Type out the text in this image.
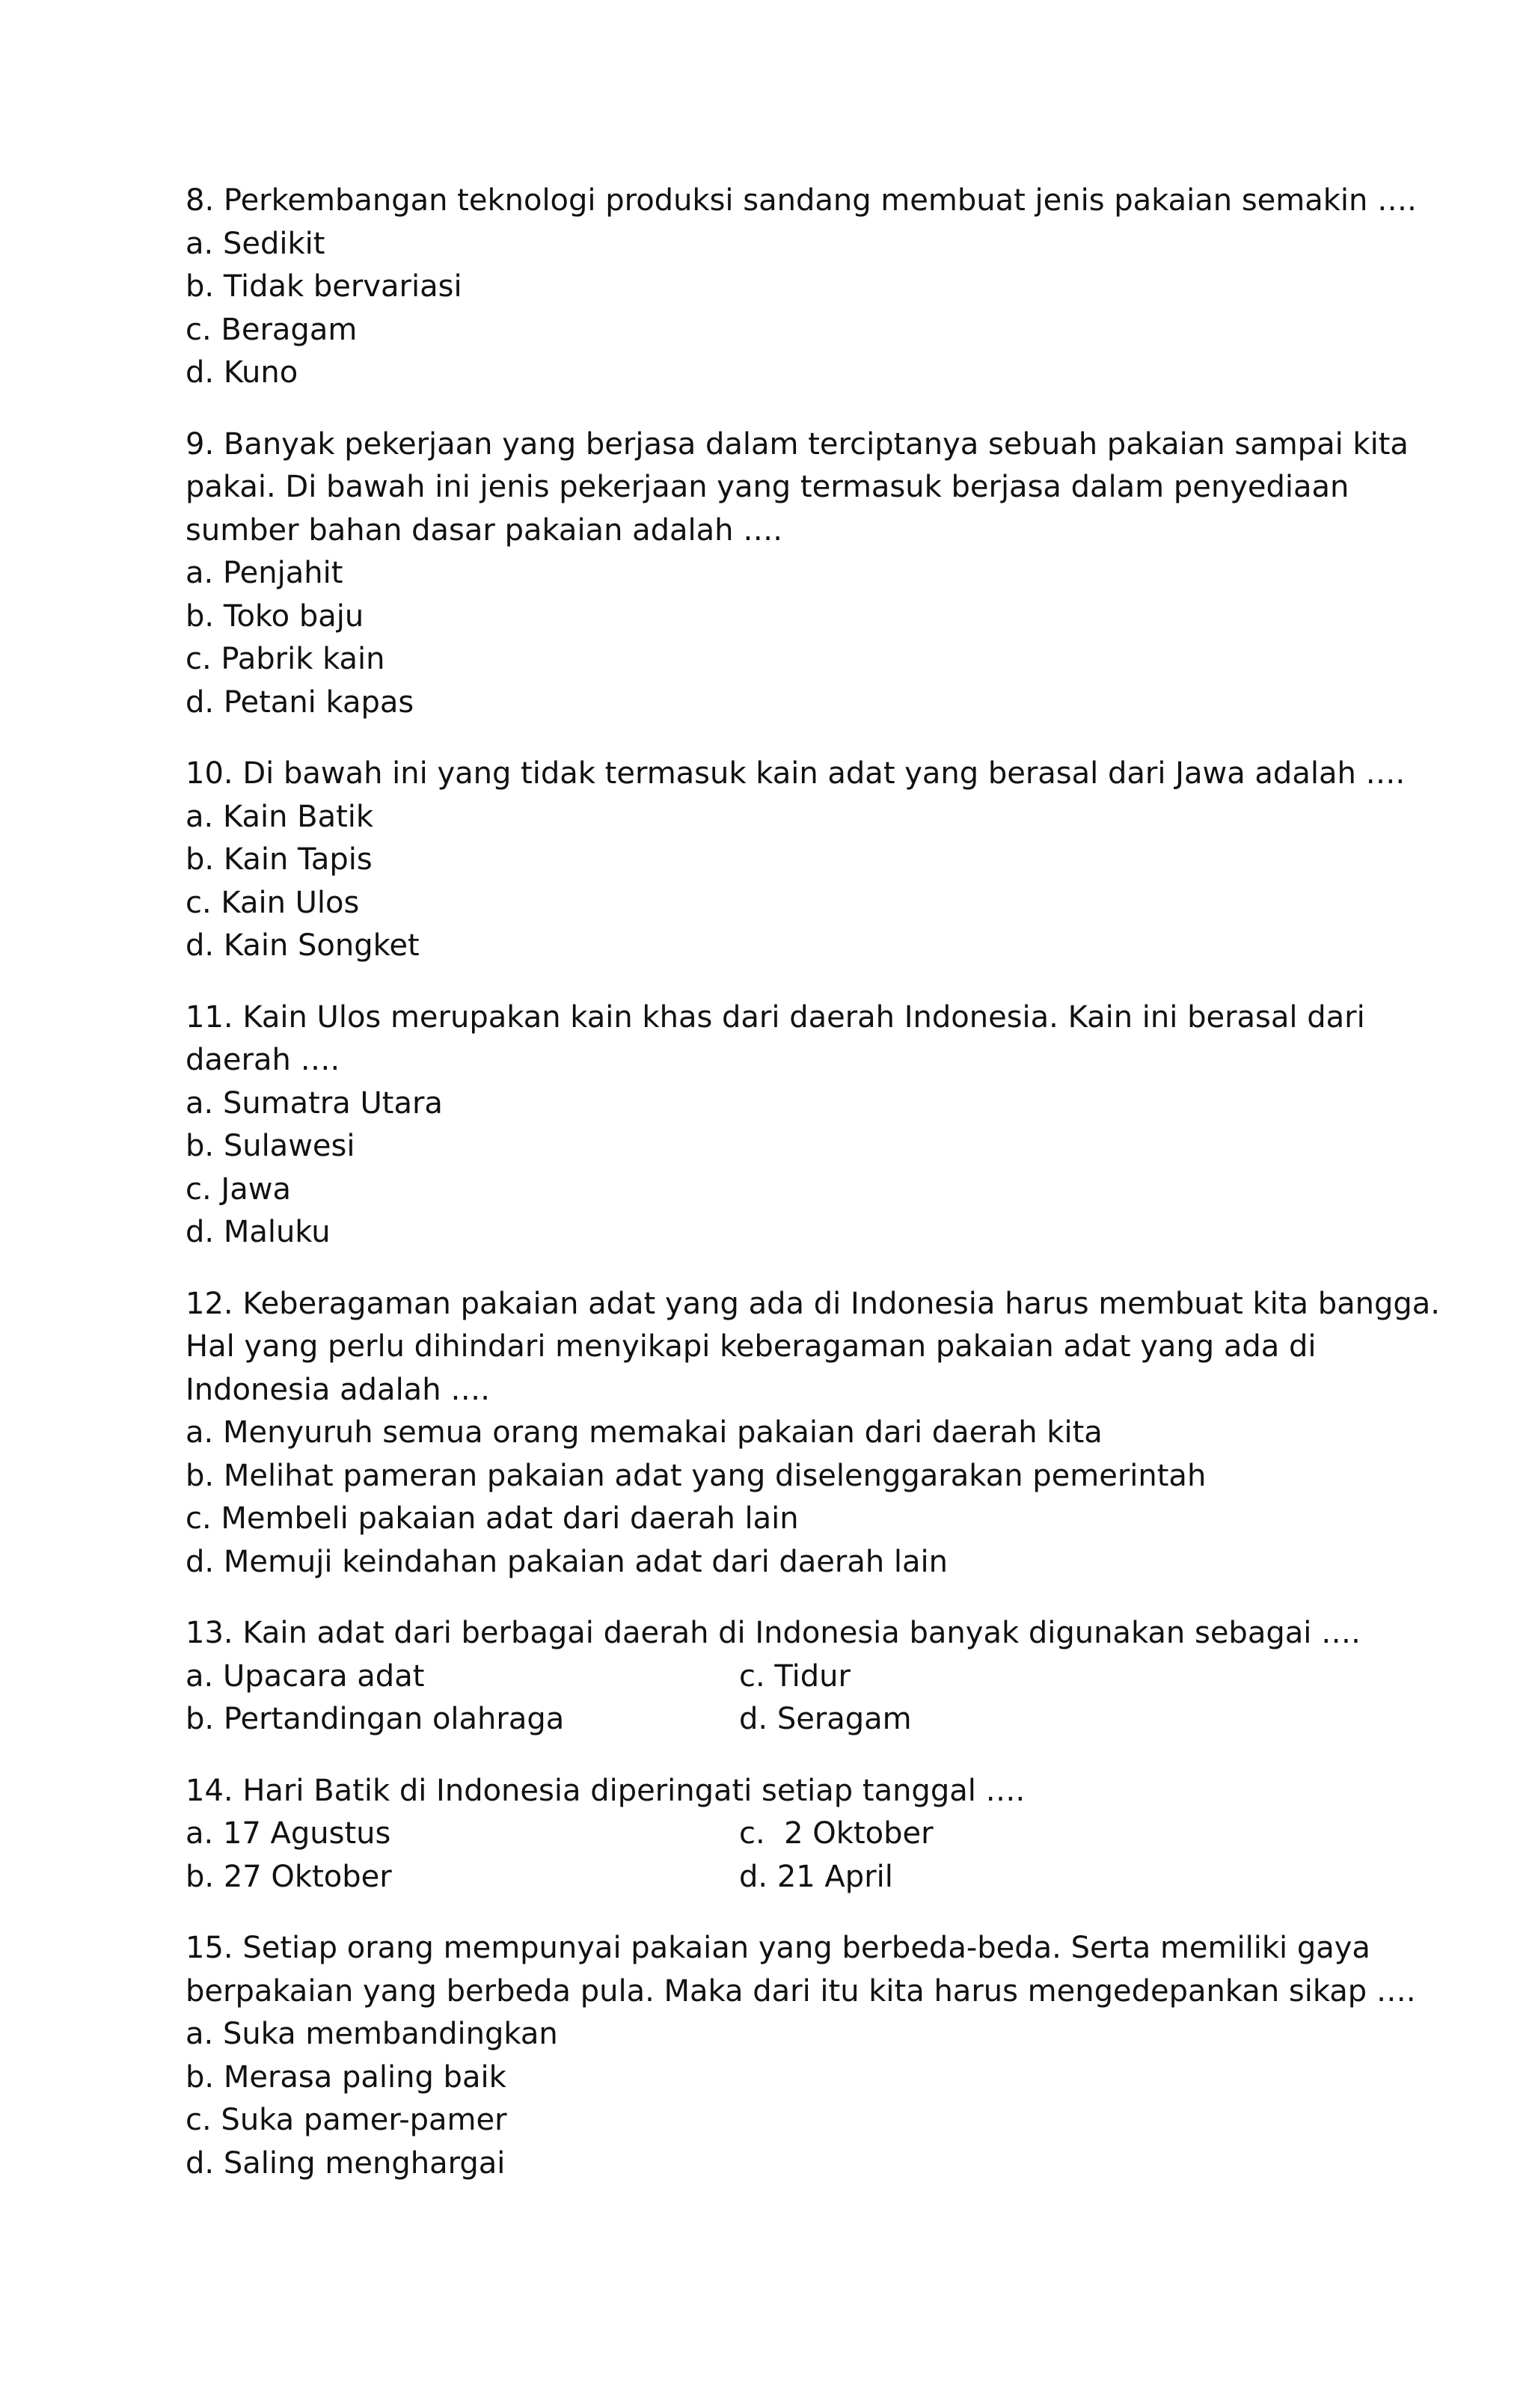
8. Perkembangan teknologi produksi sandang membuat jenis pakaian semakin ….
a. Sedikit
b. Tidak bervariasi
c. Beragam
d. Kuno
9. Banyak pekerjaan yang berjasa dalam terciptanya sebuah pakaian sampai kita
pakai. Di bawah ini jenis pekerjaan yang termasuk berjasa dalam penyediaan
sumber bahan dasar pakaian adalah ….
a. Penjahit
b. Toko baju
c. Pabrik kain
d. Petani kapas
10. Di bawah ini yang tidak termasuk kain adat yang berasal dari Jawa adalah ….
a. Kain Batik
b. Kain Tapis
c. Kain Ulos
d. Kain Songket
11. Kain Ulos merupakan kain khas dari daerah Indonesia. Kain ini berasal dari
daerah ….
a. Sumatra Utara
b. Sulawesi
c. Jawa
d. Maluku
12. Keberagaman pakaian adat yang ada di Indonesia harus membuat kita bangga.
Hal yang perlu dihindari menyikapi keberagaman pakaian adat yang ada di
Indonesia adalah ….
a. Menyuruh semua orang memakai pakaian dari daerah kita
b. Melihat pameran pakaian adat yang diselenggarakan pemerintah
c. Membeli pakaian adat dari daerah lain
d. Memuji keindahan pakaian adat dari daerah lain
13. Kain adat dari berbagai daerah di Indonesia banyak digunakan sebagai ….
a. Upacara adat	c. Tidur
b. Pertandingan olahraga	d. Seragam
14. Hari Batik di Indonesia diperingati setiap tanggal ….
a. 17 Agustus	c.  2 Oktober
b. 27 Oktober	d. 21 April
15. Setiap orang mempunyai pakaian yang berbeda-beda. Serta memiliki gaya
berpakaian yang berbeda pula. Maka dari itu kita harus mengedepankan sikap ….
a. Suka membandingkan
b. Merasa paling baik
c. Suka pamer-pamer
d. Saling menghargai
